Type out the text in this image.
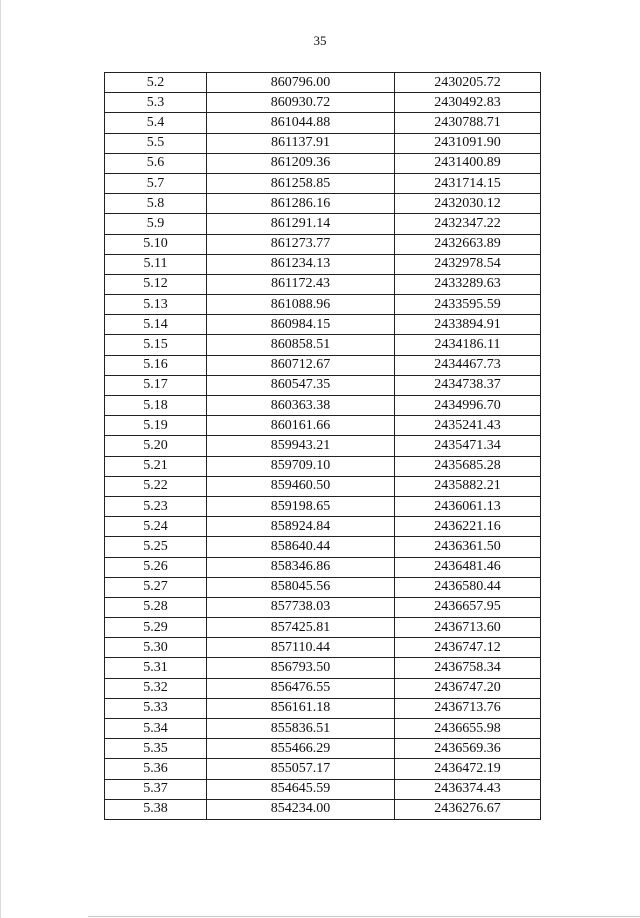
35
5.2	860796.00	2430205.72
5.3	860930.72	2430492.83
5.4	861044.88	2430788.71
5.5	861137.91	2431091.90
5.6	861209.36	2431400.89
5.7	861258.85	2431714.15
5.8	861286.16	2432030.12
5.9	861291.14	2432347.22
5.10	861273.77	2432663.89
5.11	861234.13	2432978.54
5.12	861172.43	2433289.63
5.13	861088.96	2433595.59
5.14	860984.15	2433894.91
5.15	860858.51	2434186.11
5.16	860712.67	2434467.73
5.17	860547.35	2434738.37
5.18	860363.38	2434996.70
5.19	860161.66	2435241.43
5.20	859943.21	2435471.34
5.21	859709.10	2435685.28
5.22	859460.50	2435882.21
5.23	859198.65	2436061.13
5.24	858924.84	2436221.16
5.25	858640.44	2436361.50
5.26	858346.86	2436481.46
5.27	858045.56	2436580.44
5.28	857738.03	2436657.95
5.29	857425.81	2436713.60
5.30	857110.44	2436747.12
5.31	856793.50	2436758.34
5.32	856476.55	2436747.20
5.33	856161.18	2436713.76
5.34	855836.51	2436655.98
5.35	855466.29	2436569.36
5.36	855057.17	2436472.19
5.37	854645.59	2436374.43
5.38	854234.00	2436276.67
